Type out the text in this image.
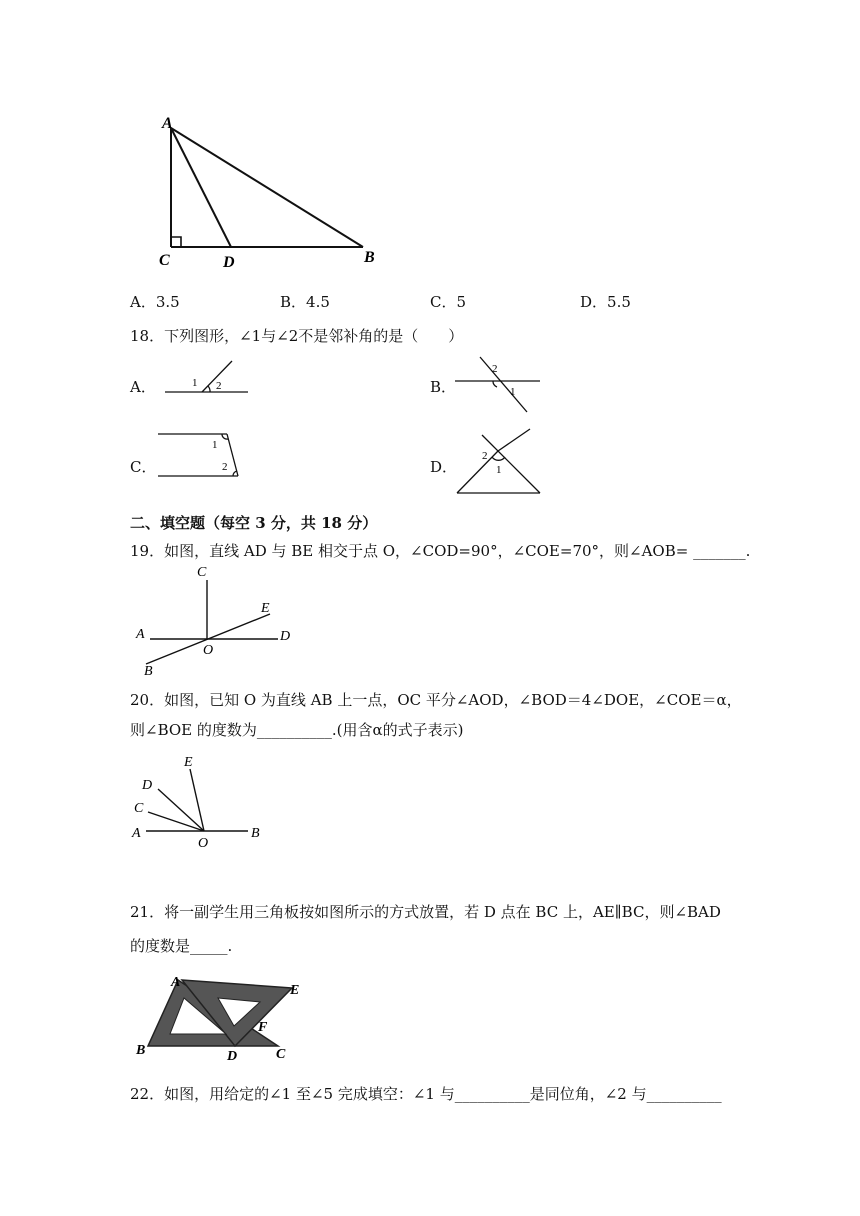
A
C	D	B
A．3.5	B．4.5	C．5	D．5.5
18．下列图形，∠1与∠2不是邻补角的是（　　）
A．	1 2	B．
2
1
C．
1
2	D．
2
1
二、填空题（每空 3 分，共 18 分）
19．如图，直线 AD 与 BE 相交于点 O，∠COD=90°，∠COE=70°，则∠AOB= _______.
C
A	D
E
O
B
20．如图，已知 O 为直线 AB 上一点，OC 平分∠AOD，∠BOD＝4∠DOE，∠COE＝α，
则∠BOE 的度数为__________.(用含α的式子表示)
E
D
C
A	B
O
21．将一副学生用三角板按如图所示的方式放置，若 D 点在 BC 上，AE∥BC，则∠BAD
的度数是_____.
A
E
F
B	D	C
22．如图，用给定的∠1 至∠5 完成填空：∠1 与__________是同位角，∠2 与__________
